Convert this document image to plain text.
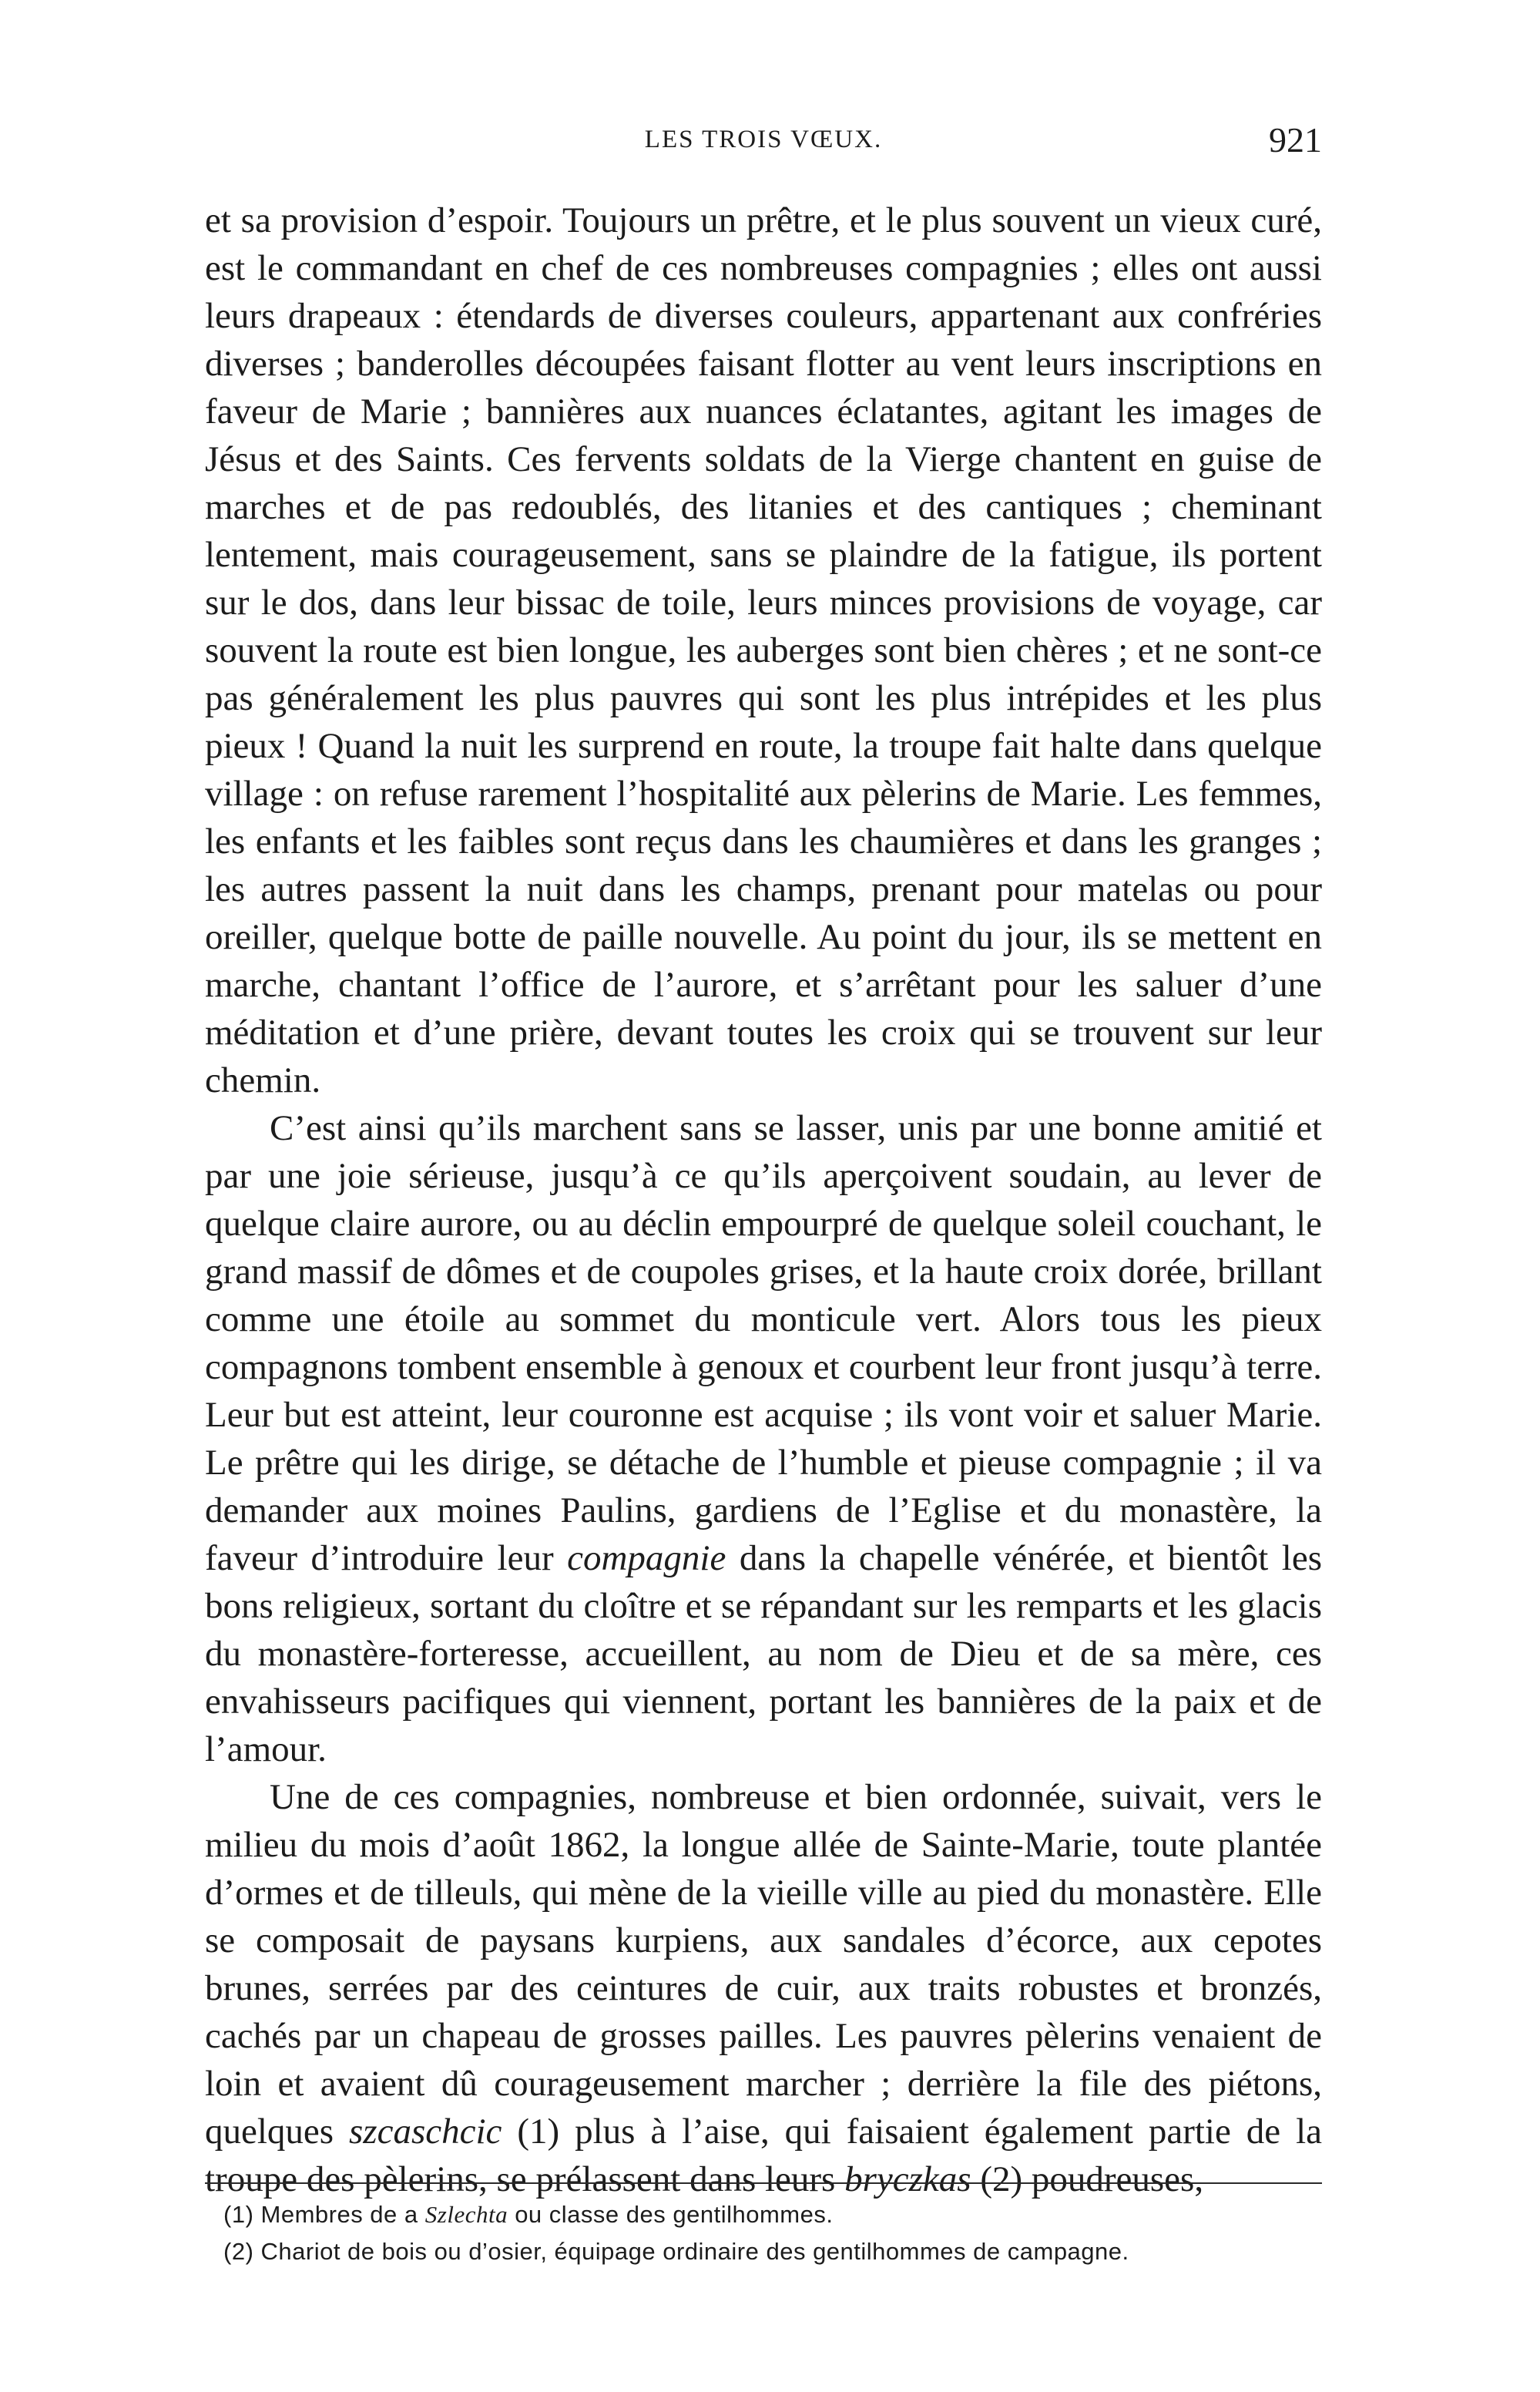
LES TROIS VŒUX.	921

et sa provision d’espoir. Toujours un prêtre, et le plus souvent un vieux curé, est le commandant en chef de ces nombreuses compagnies ; elles ont aussi leurs drapeaux : étendards de diverses couleurs, appartenant aux confréries diverses ; banderolles découpées faisant flotter au vent leurs inscriptions en faveur de Marie ; bannières aux nuances éclatantes, agitant les images de Jésus et des Saints. Ces fervents soldats de la Vierge chantent en guise de marches et de pas redoublés, des litanies et des cantiques ; cheminant lentement, mais courageusement, sans se plaindre de la fatigue, ils portent sur le dos, dans leur bissac de toile, leurs minces provisions de voyage, car souvent la route est bien longue, les auberges sont bien chères ; et ne sont-ce pas généralement les plus pauvres qui sont les plus intrépides et les plus pieux ! Quand la nuit les surprend en route, la troupe fait halte dans quelque village : on refuse rarement l’hospitalité aux pèlerins de Marie. Les femmes, les enfants et les faibles sont reçus dans les chaumières et dans les granges ; les autres passent la nuit dans les champs, prenant pour matelas ou pour oreiller, quelque botte de paille nouvelle. Au point du jour, ils se mettent en marche, chantant l’office de l’aurore, et s’arrêtant pour les saluer d’une méditation et d’une prière, devant toutes les croix qui se trouvent sur leur chemin.

C’est ainsi qu’ils marchent sans se lasser, unis par une bonne amitié et par une joie sérieuse, jusqu’à ce qu’ils aperçoivent soudain, au lever de quelque claire aurore, ou au déclin empourpré de quelque soleil couchant, le grand massif de dômes et de coupoles grises, et la haute croix dorée, brillant comme une étoile au sommet du monticule vert. Alors tous les pieux compagnons tombent ensemble à genoux et courbent leur front jusqu’à terre. Leur but est atteint, leur couronne est acquise ; ils vont voir et saluer Marie. Le prêtre qui les dirige, se détache de l’humble et pieuse compagnie ; il va demander aux moines Paulins, gardiens de l’Eglise et du monastère, la faveur d’introduire leur compagnie dans la chapelle vénérée, et bientôt les bons religieux, sortant du cloître et se répandant sur les remparts et les glacis du monastère-forteresse, accueillent, au nom de Dieu et de sa mère, ces envahisseurs pacifiques qui viennent, portant les bannières de la paix et de l’amour.

Une de ces compagnies, nombreuse et bien ordonnée, suivait, vers le milieu du mois d’août 1862, la longue allée de Sainte-Marie, toute plantée d’ormes et de tilleuls, qui mène de la vieille ville au pied du monastère. Elle se composait de paysans kurpiens, aux sandales d’écorce, aux cepotes brunes, serrées par des ceintures de cuir, aux traits robustes et bronzés, cachés par un chapeau de grosses pailles. Les pauvres pèlerins venaient de loin et avaient dû courageusement marcher ; derrière la file des piétons, quelques szcaschcic (1) plus à l’aise, qui faisaient également partie de la troupe des pèlerins, se prélassent dans leurs bryczkas (2) poudreuses,

(1) Membres de a Szlechta ou classe des gentilhommes.

(2) Chariot de bois ou d’osier, équipage ordinaire des gentilhommes de campagne.
